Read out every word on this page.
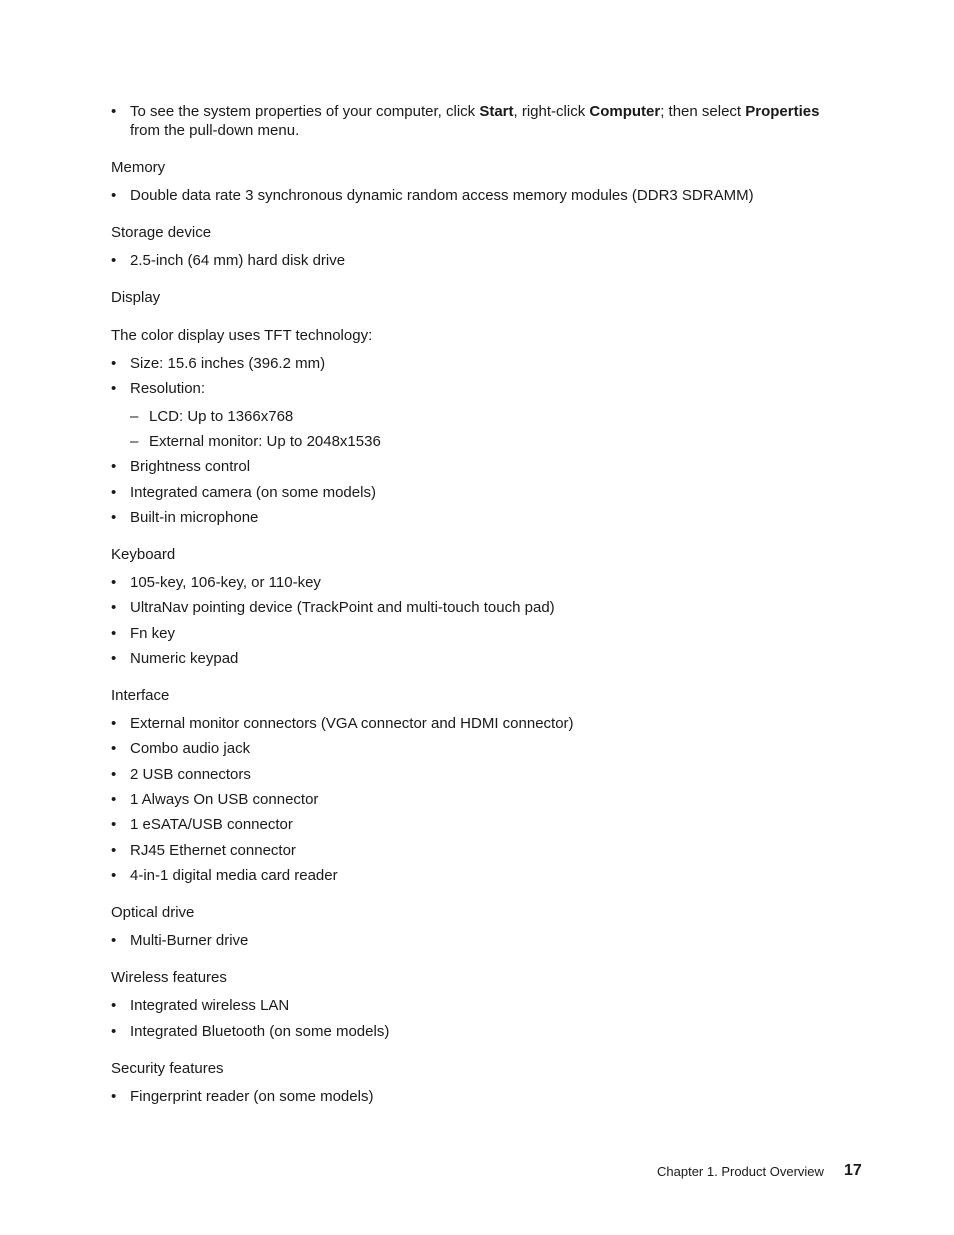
• To see the system properties of your computer, click Start, right-click Computer; then select Properties
from the pull-down menu.
Memory
• Double data rate 3 synchronous dynamic random access memory modules (DDR3 SDRAMM)
Storage device
• 2.5-inch (64 mm) hard disk drive
Display
The color display uses TFT technology:
• Size: 15.6 inches (396.2 mm)
• Resolution:
– LCD: Up to 1366x768
– External monitor: Up to 2048x1536
• Brightness control
• Integrated camera (on some models)
• Built-in microphone
Keyboard
• 105-key, 106-key, or 110-key
• UltraNav pointing device (TrackPoint and multi-touch touch pad)
• Fn key
• Numeric keypad
Interface
• External monitor connectors (VGA connector and HDMI connector)
• Combo audio jack
• 2 USB connectors
• 1 Always On USB connector
• 1 eSATA/USB connector
• RJ45 Ethernet connector
• 4-in-1 digital media card reader
Optical drive
• Multi-Burner drive
Wireless features
• Integrated wireless LAN
• Integrated Bluetooth (on some models)
Security features
• Fingerprint reader (on some models)
Chapter 1. Product Overview 17
